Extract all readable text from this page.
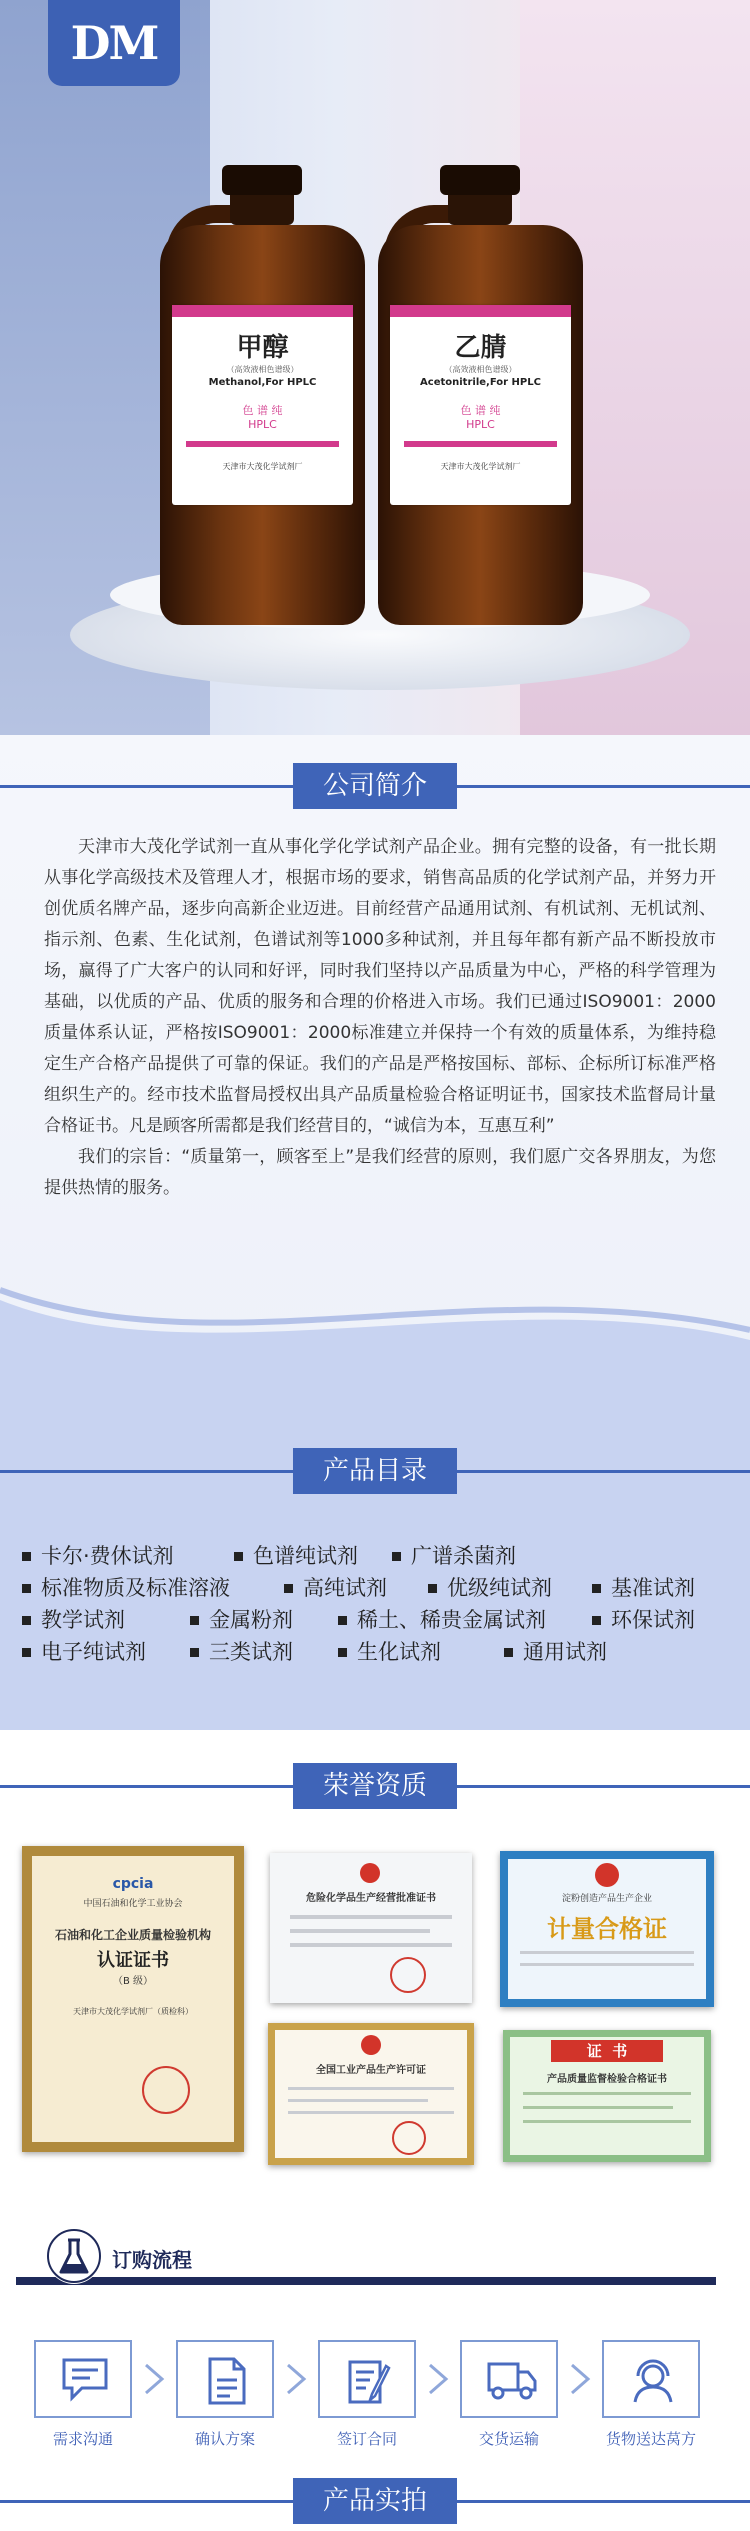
DM
甲醇
（高效液相色谱级）
Methanol,For HPLC
色 谱 纯
HPLC
天津市大茂化学试剂厂
乙腈
（高效液相色谱级）
Acetonitrile,For HPLC
色 谱 纯
HPLC
天津市大茂化学试剂厂
公司简介

天津市大茂化学试剂一直从事化学化学试剂产品企业。拥有完整的设备，有一批长期从事化学高级技术及管理人才，根据市场的要求，销售高品质的化学试剂产品，并努力开创优质名牌产品，逐步向高新企业迈进。目前经营产品通用试剂、有机试剂、无机试剂、指示剂、色素、生化试剂，色谱试剂等1000多种试剂，并且每年都有新产品不断投放市场，赢得了广大客户的认同和好评，同时我们坚持以产品质量为中心，严格的科学管理为基础，以优质的产品、优质的服务和合理的价格进入市场。我们已通过ISO9001：2000质量体系认证，严格按ISO9001：2000标准建立并保持一个有效的质量体系，为维持稳定生产合格产品提供了可靠的保证。我们的产品是严格按国标、部标、企标所订标准严格组织生产的。经市技术监督局授权出具产品质量检验合格证明证书，国家技术监督局计量合格证书。凡是顾客所需都是我们经营目的，“诚信为本，互惠互利”

我们的宗旨：“质量第一，顾客至上”是我们经营的原则，我们愿广交各界朋友，为您提供热情的服务。

产品目录
卡尔·费休试剂	色谱纯试剂	广谱杀菌剂
标准物质及标准溶液	高纯试剂	优级纯试剂	基准试剂
教学试剂	金属粉剂	稀土、稀贵金属试剂	环保试剂
电子纯试剂	三类试剂	生化试剂	通用试剂
荣誉资质
cpcia
中国石油和化学工业协会
石油和化工企业质量检验机构
认证证书
（B 级）
天津市大茂化学试剂厂（质检科）
危险化学品生产经营批准证书	淀粉创造产品生产企业
计量合格证
全国工业产品生产许可证
证  书
产品质量监督检验合格证书
订购流程
需求沟通	确认方案	签订合同	交货运输	货物送达莴方
产品实拍
